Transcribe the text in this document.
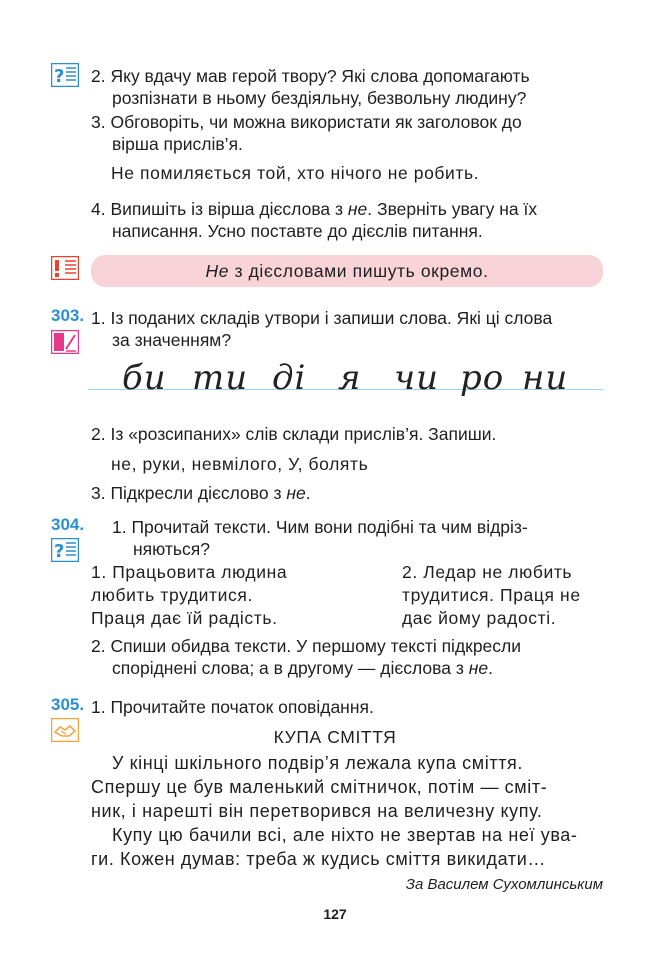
? 2. Яку вдачу мав герой твору? Які слова допомагають
розпізнати в ньому бездіяльну, безвольну людину?
3. Обговоріть, чи можна використати як заголовок до
вірша прислів’я.
Не помиляється той, хто нічого не робить.
4. Випишіть із вірша дієслова з не. Зверніть увагу на їх
написання. Усно поставте до дієслів питання.
Не з дієсловами пишуть окремо.
303. 1. Із поданих складів утвори і запиши слова. Які ці слова
за значенням?
би ти ді я чи ро ни
2. Із «розсипаних» слів склади прислів’я. Запиши.
не, руки, невмілого, У, болять
3. Підкресли дієслово з не.
304.
?
1. Прочитай тексти. Чим вони подібні та чим відріз-
няються?
1. Працьовита людина
любить трудитися.
Праця дає їй радість.
2. Ледар не любить
трудитися. Праця не
дає йому радості.
2. Спиши обидва тексти. У першому тексті підкресли
споріднені слова; а в другому — дієслова з не.
305. 1. Прочитайте початок оповідання.
КУПА СМІТТЯ
У кінці шкільного подвір’я лежала купа сміття.
Спершу це був маленький смітничок, потім — сміт-
ник, і нарешті він перетворився на величезну купу.
Купу цю бачили всі, але ніхто не звертав на неї ува-
ги. Кожен думав: треба ж кудись сміття викидати…
За Василем Сухомлинським
127
